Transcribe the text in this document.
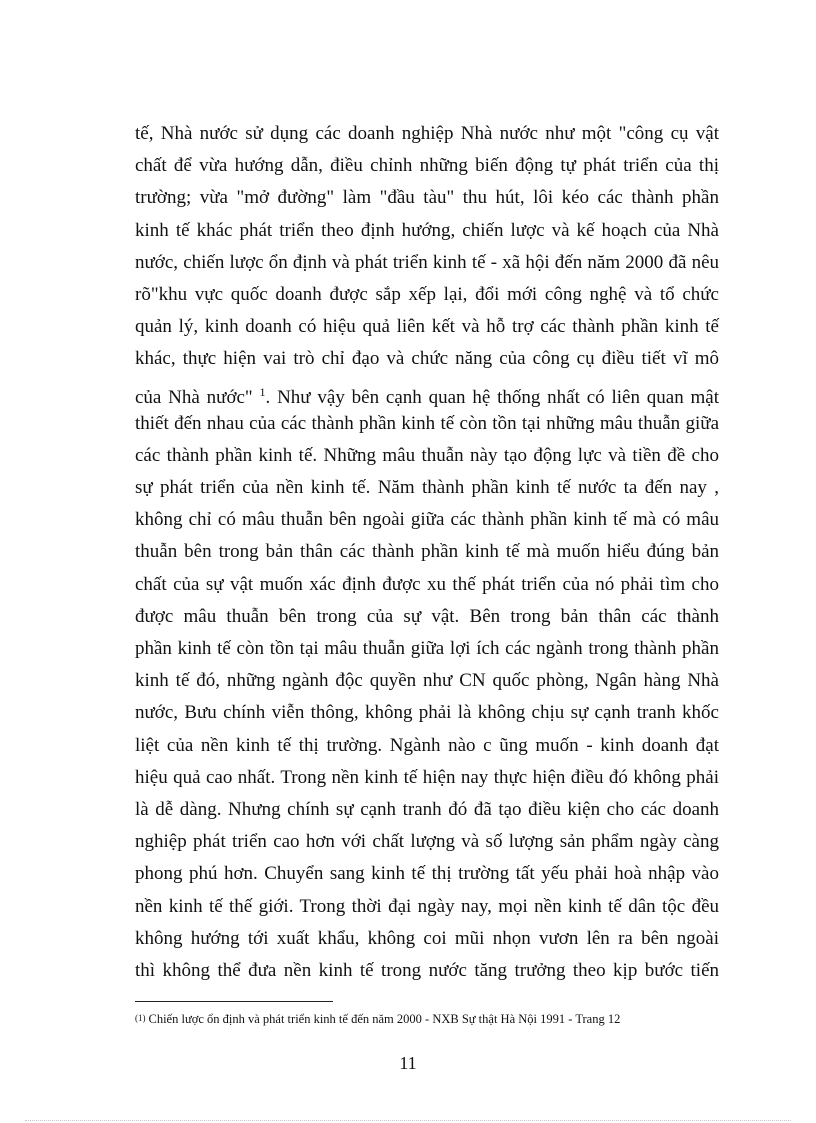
tế, Nhà nước sử dụng các doanh nghiệp Nhà nước như một "công cụ vật
chất để vừa hướng dẫn, điều chỉnh những biến động tự phát triển của thị
trường; vừa "mở đường" làm "đầu tàu" thu hút, lôi kéo các thành phần
kinh tế khác phát triển theo định hướng, chiến lược và kế hoạch của Nhà
nước, chiến lược ổn định và phát triển kinh tế - xã hội đến năm 2000 đã nêu
rõ"khu vực quốc doanh được sắp xếp lại, đổi mới công nghệ và tổ chức
quản lý, kinh doanh có hiệu quả liên kết và hỗ trợ các thành phần kinh tế
khác, thực hiện vai trò chỉ đạo và chức năng của công cụ điều tiết vĩ mô
của Nhà nước" $^1$. Như vậy bên cạnh quan hệ thống nhất có liên quan mật
thiết đến nhau của các thành phần kinh tế còn tồn tại những mâu thuẫn giữa
các thành phần kinh tế. Những mâu thuẫn này tạo động lực và tiền đề cho
sự phát triển của nền kinh tế. Năm thành phần kinh tế nước ta đến nay ,
không chỉ có mâu thuẫn bên ngoài giữa các thành phần kinh tế mà có mâu
thuẫn bên trong bản thân các thành phần kinh tế mà muốn hiểu đúng bản
chất của sự vật muốn xác định được xu thế phát triển của nó phải tìm cho
được mâu thuẫn bên trong của sự vật. Bên trong bản thân các thành
phần kinh tế còn tồn tại mâu thuẫn giữa lợi ích các ngành trong thành phần
kinh tế đó, những ngành độc quyền như CN quốc phòng, Ngân hàng Nhà
nước, Bưu chính viễn thông, không phải là không chịu sự cạnh tranh khốc
liệt của nền kinh tế thị trường. Ngành nào c ũng muốn - kinh doanh đạt
hiệu quả cao nhất. Trong nền kinh tế hiện nay thực hiện điều đó không phải
là dễ dàng. Nhưng chính sự cạnh tranh đó đã tạo điều kiện cho các doanh
nghiệp phát triển cao hơn với chất lượng và số lượng sản phẩm ngày càng
phong phú hơn. Chuyển sang kinh tế thị trường tất yếu phải hoà nhập vào
nền kinh tế thế giới. Trong thời đại ngày nay, mọi nền kinh tế dân tộc đều
không hướng tới xuất khẩu, không coi mũi nhọn vươn lên ra bên ngoài
thì không thể đưa nền kinh tế trong nước tăng trưởng theo kịp bước tiến
(1) Chiến lược ổn định và phát triển kinh tế đến năm 2000 - NXB Sự thật Hà Nội 1991 - Trang 12
11
